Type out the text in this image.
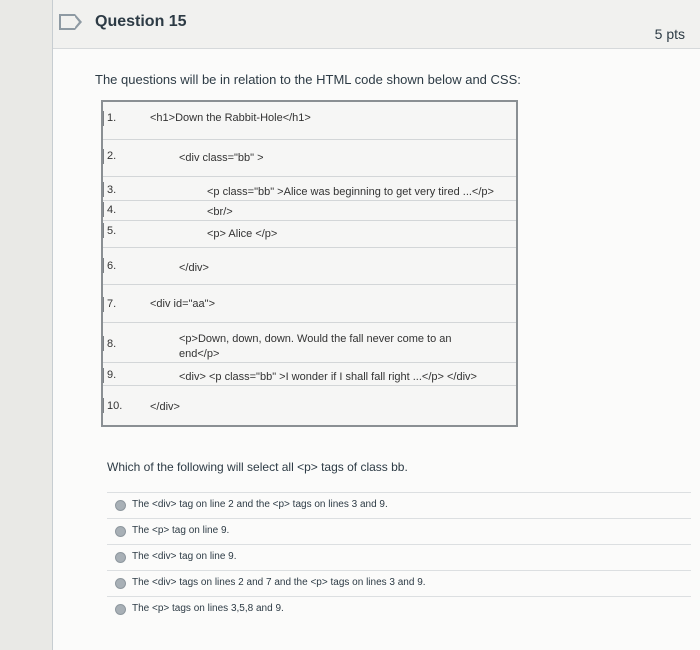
Question 15
5 pts
The questions will be in relation to the HTML code shown below and CSS:
1.	<h1>Down the Rabbit-Hole</h1>
2.	<div class="bb" >
3.	<p class="bb" >Alice was beginning to get very tired ...</p>
4.	<br/>
5.	<p> Alice </p>
6.	</div>
7.	<div id="aa">
8.	<p>Down, down, down. Would the fall never come to an end</p>
9.	<div> <p class="bb" >I wonder if I shall fall right ...</p> </div>
10.	</div>
Which of the following will select all <p> tags of class bb.
The <div> tag on line 2 and the <p> tags on lines 3 and 9.
The <p> tag on line 9.
The <div> tag on line 9.
The <div> tags on lines 2 and 7 and the <p> tags on lines 3 and 9.
The <p> tags on lines 3,5,8 and 9.
